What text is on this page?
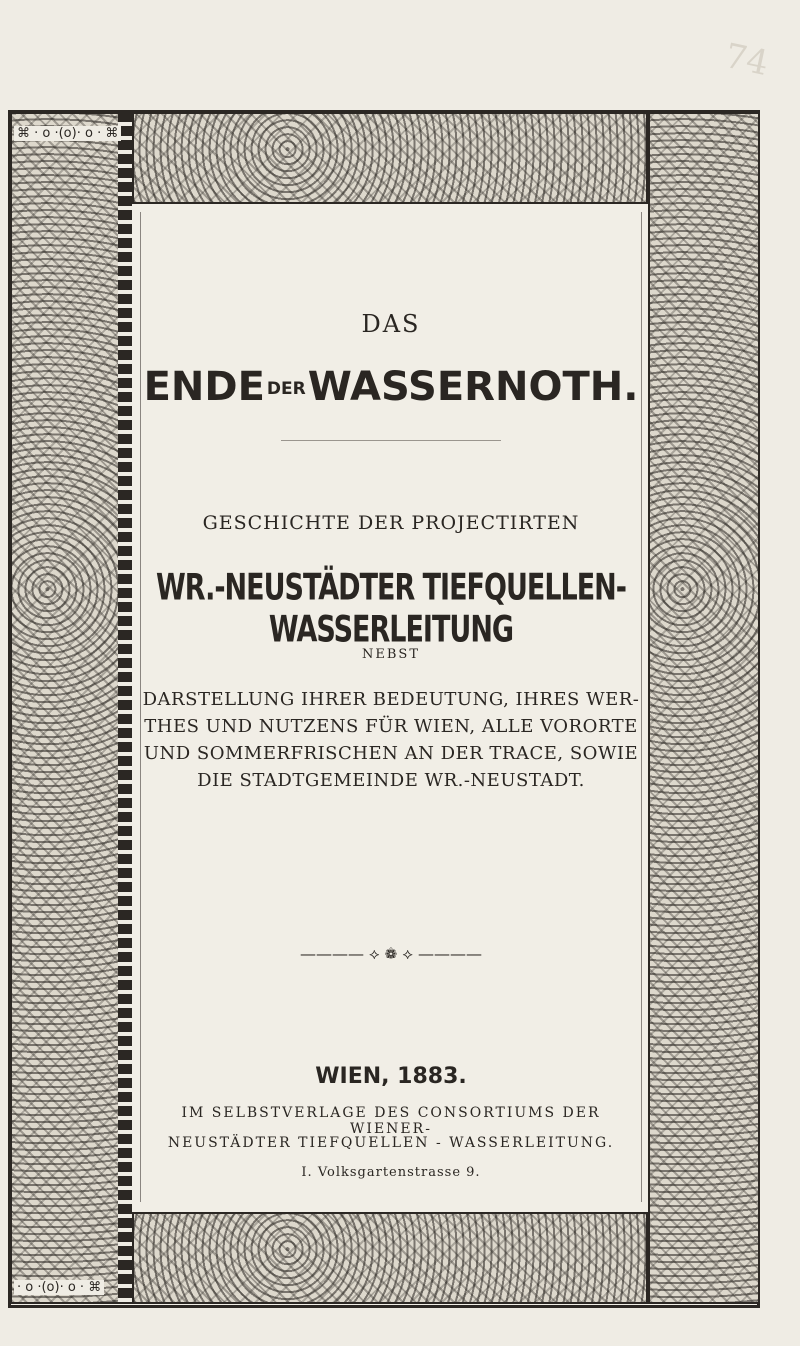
74
⌘ · o ·(o)· o · ⌘
· o ·(o)· o · ⌘
DAS
ENDE DERWASSERNOTH.
GESCHICHTE DER PROJECTIRTEN
WR.-NEUSTÄDTER TIEFQUELLEN-WASSERLEITUNG
NEBST
DARSTELLUNG IHRER BEDEUTUNG, IHRES WER-
THES UND NUTZENS FÜR WIEN, ALLE VORORTE
UND SOMMERFRISCHEN AN DER TRACE, SOWIE
DIE STADTGEMEINDE WR.-NEUSTADT.
———— ⟡ ❁ ⟡ ————
WIEN, 1883.
IM SELBSTVERLAGE DES CONSORTIUMS DER WIENER-
NEUSTÄDTER TIEFQUELLEN - WASSERLEITUNG.
I. Volksgartenstrasse 9.
